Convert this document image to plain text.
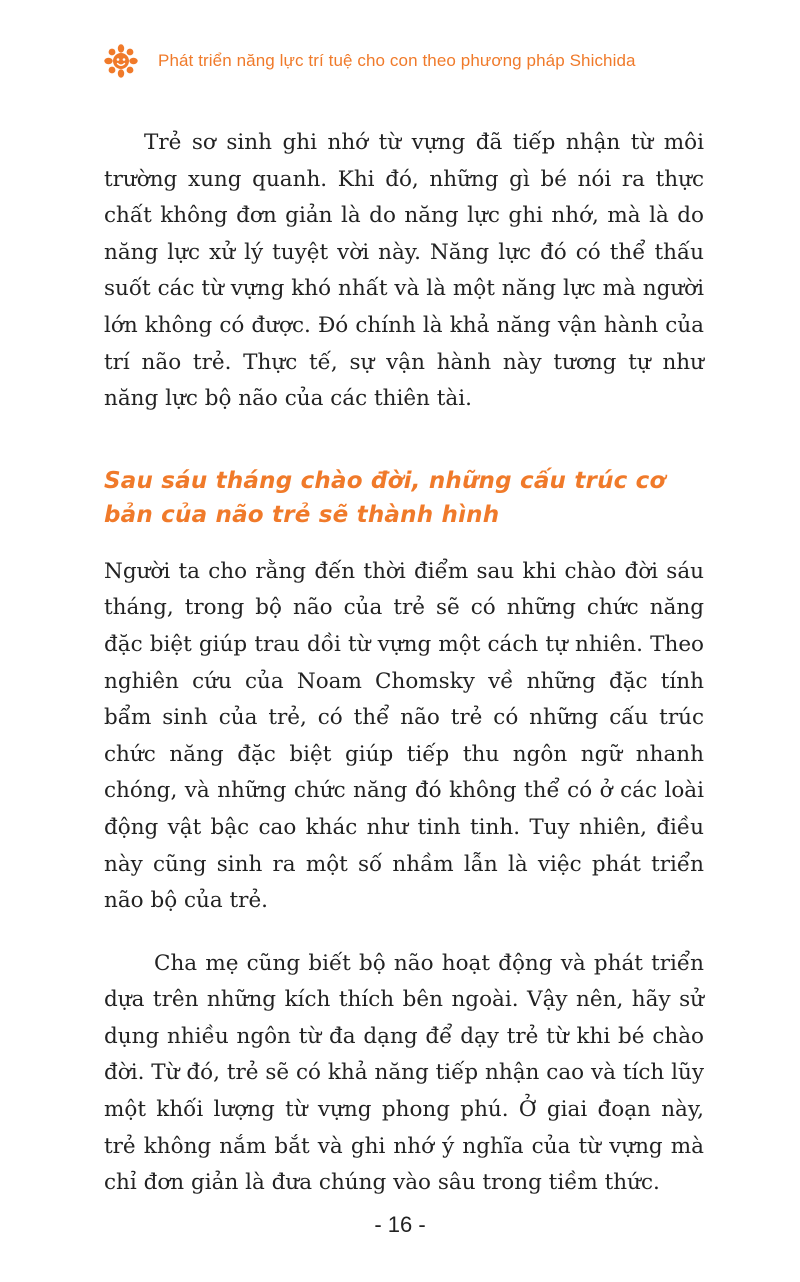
Phát triển năng lực trí tuệ cho con theo phương pháp Shichida

Trẻ sơ sinh ghi nhớ từ vựng đã tiếp nhận từ môi trường xung quanh. Khi đó, những gì bé nói ra thực chất không đơn giản là do năng lực ghi nhớ, mà là do năng lực xử lý tuyệt vời này. Năng lực đó có thể thấu suốt các từ vựng khó nhất và là một năng lực mà người lớn không có được. Đó chính là khả năng vận hành của trí não trẻ. Thực tế, sự vận hành này tương tự như năng lực bộ não của các thiên tài.

Sau sáu tháng chào đời, những cấu trúc cơ bản của não trẻ sẽ thành hình

Người ta cho rằng đến thời điểm sau khi chào đời sáu tháng, trong bộ não của trẻ sẽ có những chức năng đặc biệt giúp trau dồi từ vựng một cách tự nhiên. Theo nghiên cứu của Noam Chomsky về những đặc tính bẩm sinh của trẻ, có thể não trẻ có những cấu trúc chức năng đặc biệt giúp tiếp thu ngôn ngữ nhanh chóng, và những chức năng đó không thể có ở các loài động vật bậc cao khác như tinh tinh. Tuy nhiên, điều này cũng sinh ra một số nhầm lẫn là việc phát triển não bộ của trẻ.

Cha mẹ cũng biết bộ não hoạt động và phát triển dựa trên những kích thích bên ngoài. Vậy nên, hãy sử dụng nhiều ngôn từ đa dạng để dạy trẻ từ khi bé chào đời. Từ đó, trẻ sẽ có khả năng tiếp nhận cao và tích lũy một khối lượng từ vựng phong phú. Ở giai đoạn này, trẻ không nắm bắt và ghi nhớ ý nghĩa của từ vựng mà chỉ đơn giản là đưa chúng vào sâu trong tiềm thức.

- 16 -
